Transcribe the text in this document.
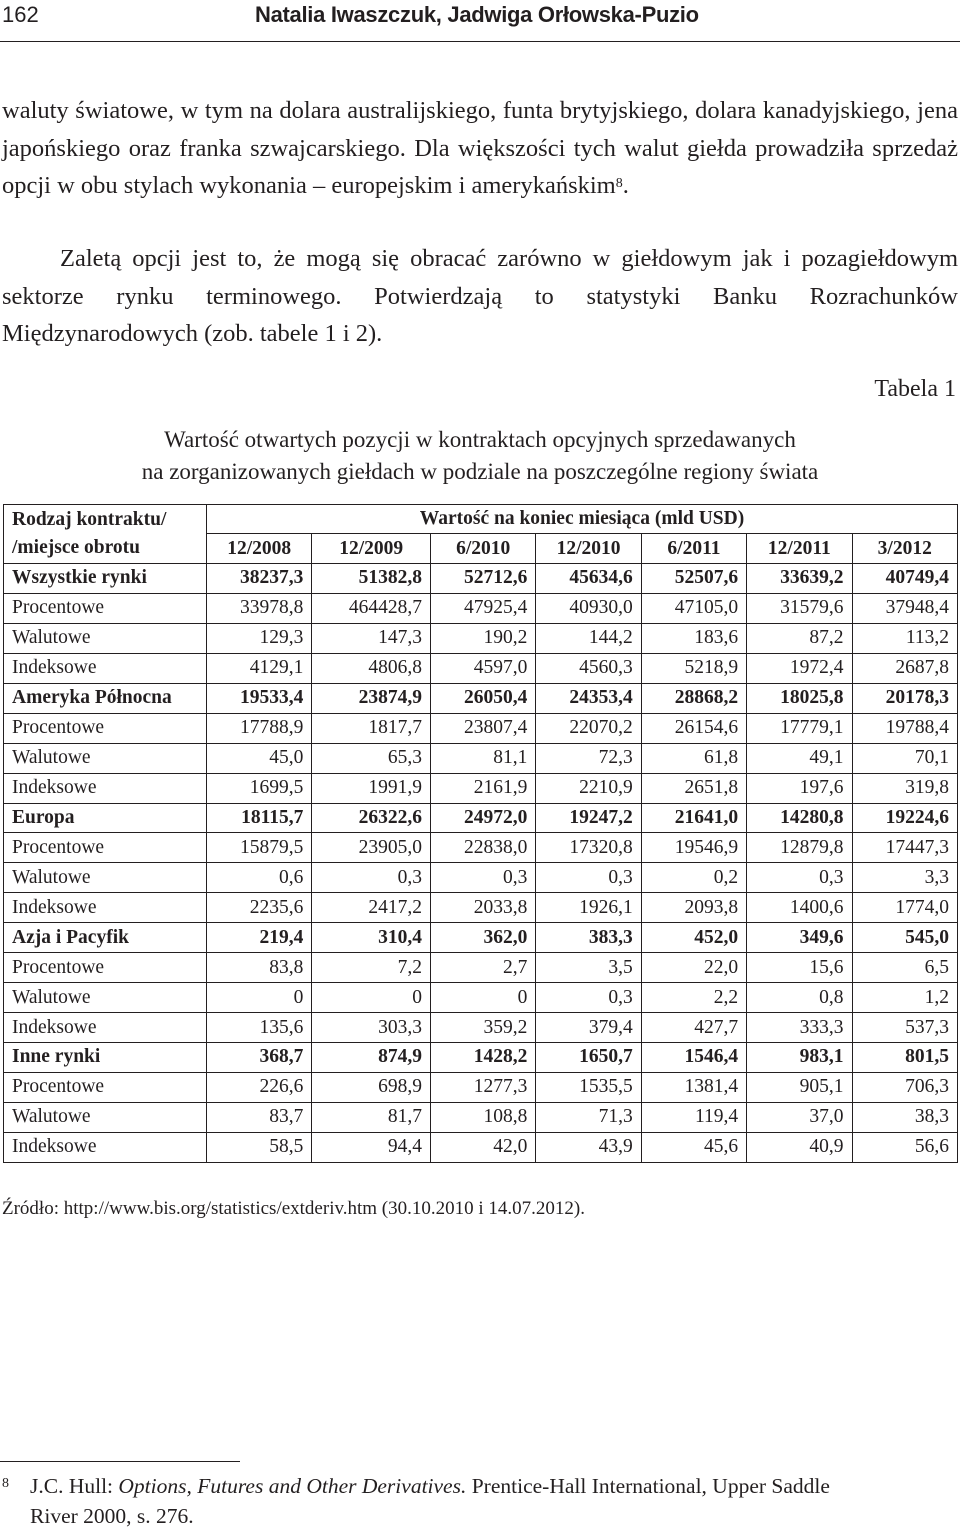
162	Natalia Iwaszczuk, Jadwiga Orłowska-Puzio

waluty światowe, w tym na dolara australijskiego, funta brytyjskiego, dolara kanadyjskiego, jena japońskiego oraz franka szwajcarskiego. Dla większości tych walut giełda prowadziła sprzedaż opcji w obu stylach wykonania – europejskim i amerykańskim$^8$.

Zaletą opcji jest to, że mogą się obracać zarówno w giełdowym jak i pozagiełdowym sektorze rynku terminowego. Potwierdzają to statystyki Banku Rozrachunków Międzynarodowych (zob. tabele 1 i 2).

Tabela 1
Wartość otwartych pozycji w kontraktach opcyjnych sprzedawanych
na zorganizowanych giełdach w podziale na poszczególne regiony świata
Rodzaj kontraktu/
/miejsce obrotu	Wartość na koniec miesiąca (mld USD)						
	12/2008	12/2009	6/2010	12/2010	6/2011	12/2011	3/2012
Wszystkie rynki	38237,3	51382,8	52712,6	45634,6	52507,6	33639,2	40749,4
Procentowe	33978,8	464428,7	47925,4	40930,0	47105,0	31579,6	37948,4
Walutowe	129,3	147,3	190,2	144,2	183,6	87,2	113,2
Indeksowe	4129,1	4806,8	4597,0	4560,3	5218,9	1972,4	2687,8
Ameryka Północna	19533,4	23874,9	26050,4	24353,4	28868,2	18025,8	20178,3
Procentowe	17788,9	1817,7	23807,4	22070,2	26154,6	17779,1	19788,4
Walutowe	45,0	65,3	81,1	72,3	61,8	49,1	70,1
Indeksowe	1699,5	1991,9	2161,9	2210,9	2651,8	197,6	319,8
Europa	18115,7	26322,6	24972,0	19247,2	21641,0	14280,8	19224,6
Procentowe	15879,5	23905,0	22838,0	17320,8	19546,9	12879,8	17447,3
Walutowe	0,6	0,3	0,3	0,3	0,2	0,3	3,3
Indeksowe	2235,6	2417,2	2033,8	1926,1	2093,8	1400,6	1774,0
Azja i Pacyfik	219,4	310,4	362,0	383,3	452,0	349,6	545,0
Procentowe	83,8	7,2	2,7	3,5	22,0	15,6	6,5
Walutowe	0	0	0	0,3	2,2	0,8	1,2
Indeksowe	135,6	303,3	359,2	379,4	427,7	333,3	537,3
Inne rynki	368,7	874,9	1428,2	1650,7	1546,4	983,1	801,5
Procentowe	226,6	698,9	1277,3	1535,5	1381,4	905,1	706,3
Walutowe	83,7	81,7	108,8	71,3	119,4	37,0	38,3
Indeksowe	58,5	94,4	42,0	43,9	45,6	40,9	56,6
Źródło: http://www.bis.org/statistics/extderiv.htm (30.10.2010 i 14.07.2012).
8 J.C. Hull: Options, Futures and Other Derivatives. Prentice-Hall International, Upper Saddle
River 2000, s. 276.
